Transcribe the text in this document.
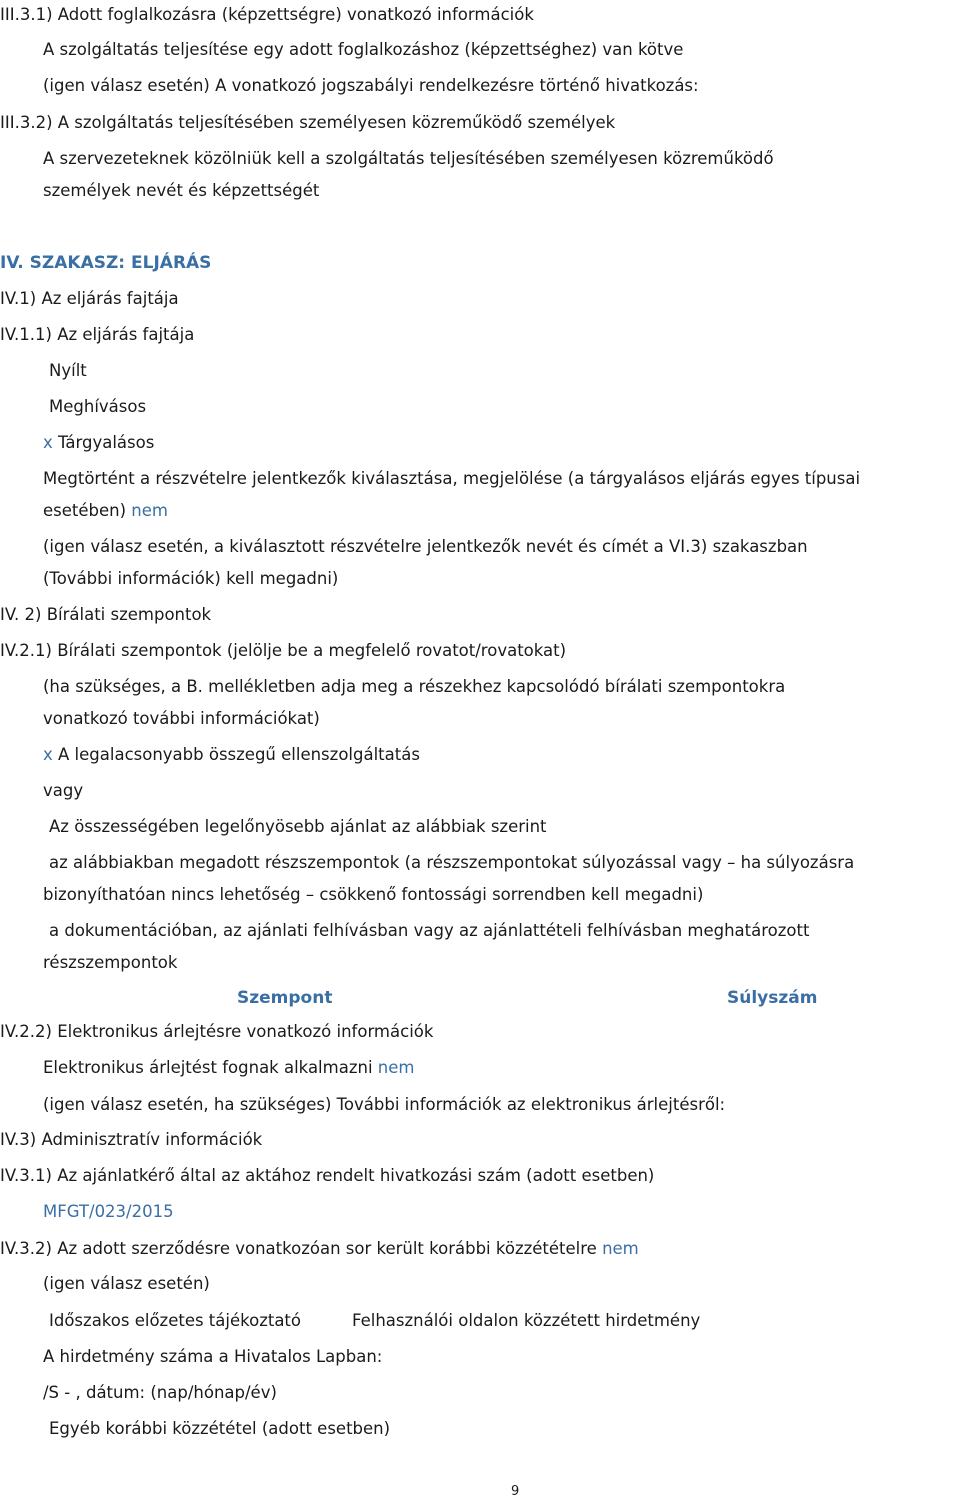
III.3.1) Adott foglalkozásra (képzettségre) vonatkozó információk
A szolgáltatás teljesítése egy adott foglalkozáshoz (képzettséghez) van kötve
(igen válasz esetén) A vonatkozó jogszabályi rendelkezésre történő hivatkozás:
III.3.2) A szolgáltatás teljesítésében személyesen közreműködő személyek
A szervezeteknek közölniük kell a szolgáltatás teljesítésében személyesen közreműködő
személyek nevét és képzettségét
IV. SZAKASZ: ELJÁRÁS
IV.1) Az eljárás fajtája
IV.1.1) Az eljárás fajtája
Nyílt
Meghívásos
x Tárgyalásos
Megtörtént a részvételre jelentkezők kiválasztása, megjelölése (a tárgyalásos eljárás egyes típusai
esetében) nem
(igen válasz esetén, a kiválasztott részvételre jelentkezők nevét és címét a VI.3) szakaszban
(További információk) kell megadni)
IV. 2) Bírálati szempontok
IV.2.1) Bírálati szempontok (jelölje be a megfelelő rovatot/rovatokat)
(ha szükséges, a B. mellékletben adja meg a részekhez kapcsolódó bírálati szempontokra
vonatkozó további információkat)
x A legalacsonyabb összegű ellenszolgáltatás
vagy
Az összességében legelőnyösebb ajánlat az alábbiak szerint
az alábbiakban megadott részszempontok (a részszempontokat súlyozással vagy – ha súlyozásra
bizonyíthatóan nincs lehetőség – csökkenő fontossági sorrendben kell megadni)
a dokumentációban, az ajánlati felhívásban vagy az ajánlattételi felhívásban meghatározott
részszempontok
Szempont	Súlyszám
IV.2.2) Elektronikus árlejtésre vonatkozó információk
Elektronikus árlejtést fognak alkalmazni nem
(igen válasz esetén, ha szükséges) További információk az elektronikus árlejtésről:
IV.3) Adminisztratív információk
IV.3.1) Az ajánlatkérő által az aktához rendelt hivatkozási szám (adott esetben)
MFGT/023/2015
IV.3.2) Az adott szerződésre vonatkozóan sor került korábbi közzétételre nem
(igen válasz esetén)
Időszakos előzetes tájékoztató	Felhasználói oldalon közzétett hirdetmény
A hirdetmény száma a Hivatalos Lapban:
/S - , dátum: (nap/hónap/év)
Egyéb korábbi közzététel (adott esetben)
9
